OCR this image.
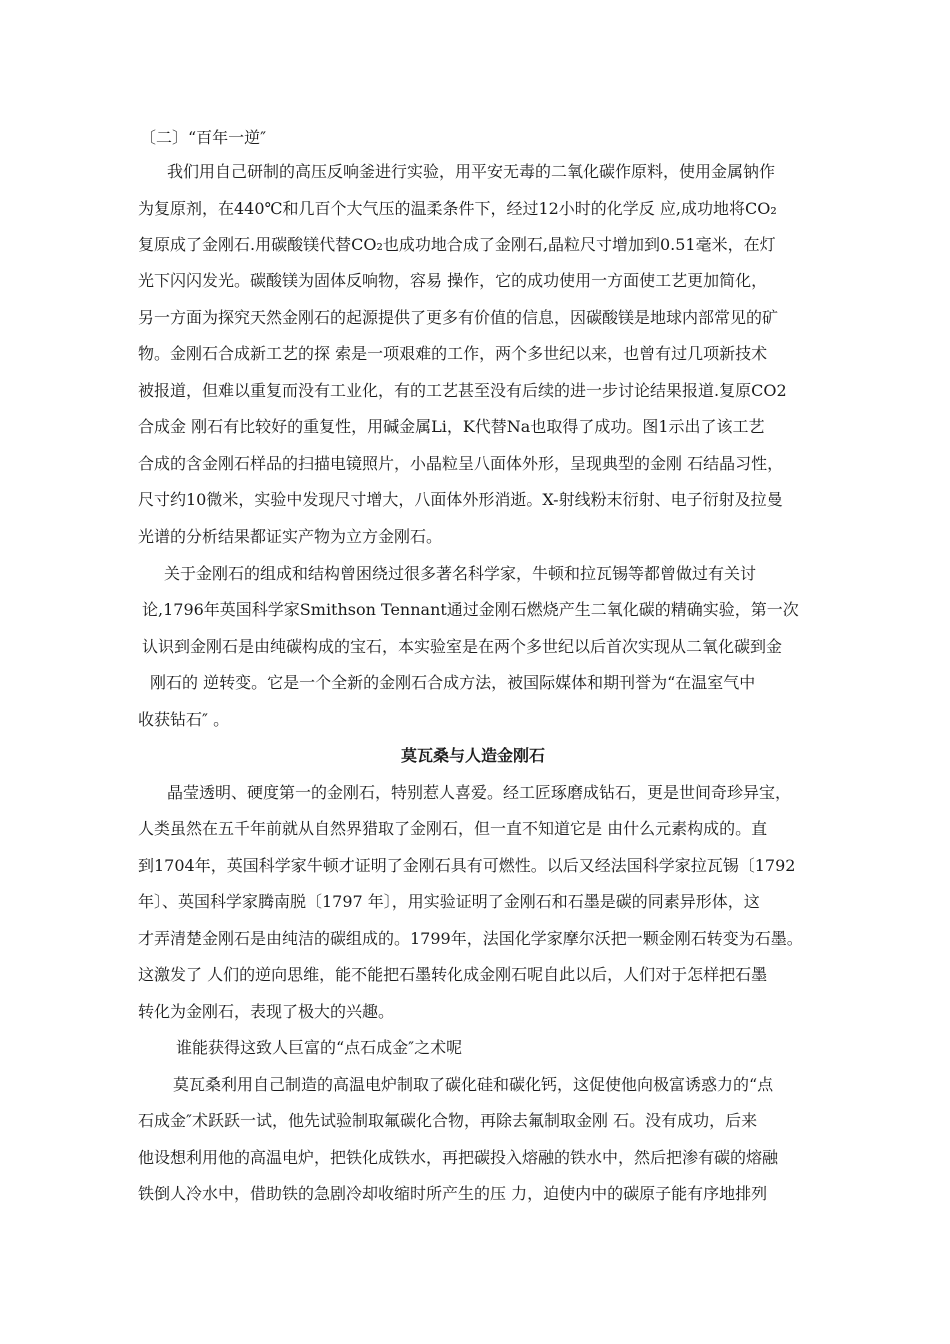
〔二〕“百年一逆″
我们用自己研制的高压反响釜进行实验，用平安无毒的二氧化碳作原料，使用金属钠作
为复原剂，在440℃和几百个大气压的温柔条件下，经过12小时的化学反 应,成功地将CO₂
复原成了金刚石.用碳酸镁代替CO₂也成功地合成了金刚石,晶粒尺寸增加到0.51毫米，在灯
光下闪闪发光。碳酸镁为固体反响物，容易 操作，它的成功使用一方面使工艺更加简化，
另一方面为探究天然金刚石的起源提供了更多有价值的信息，因碳酸镁是地球内部常见的矿
物。金刚石合成新工艺的探 索是一项艰难的工作，两个多世纪以来，也曾有过几项新技术
被报道，但难以重复而没有工业化，有的工艺甚至没有后续的进一步讨论结果报道.复原CO2
合成金 刚石有比较好的重复性，用碱金属Li，K代替Na也取得了成功。图1示出了该工艺
合成的含金刚石样品的扫描电镜照片，小晶粒呈八面体外形，呈现典型的金刚 石结晶习性，
尺寸约10微米，实验中发现尺寸增大，八面体外形消逝。X-射线粉末衍射、电子衍射及拉曼
光谱的分析结果都证实产物为立方金刚石。
关于金刚石的组成和结构曾困绕过很多著名科学家，牛顿和拉瓦锡等都曾做过有关讨
论,1796年英国科学家Smithson Tennant通过金刚石燃烧产生二氧化碳的精确实验，第一次
认识到金刚石是由纯碳构成的宝石，本实验室是在两个多世纪以后首次实现从二氧化碳到金
刚石的 逆转变。它是一个全新的金刚石合成方法，被国际媒体和期刊誉为“在温室气中
收获钻石″ 。
莫瓦桑与人造金刚石
晶莹透明、硬度第一的金刚石，特别惹人喜爱。经工匠琢磨成钻石，更是世间奇珍异宝，
人类虽然在五千年前就从自然界猎取了金刚石，但一直不知道它是 由什么元素构成的。直
到1704年，英国科学家牛顿才证明了金刚石具有可燃性。以后又经法国科学家拉瓦锡〔1792
年〕、英国科学家腾南脱〔1797 年〕，用实验证明了金刚石和石墨是碳的同素异形体，这
才弄清楚金刚石是由纯洁的碳组成的。1799年，法国化学家摩尔沃把一颗金刚石转变为石墨。
这激发了 人们的逆向思维，能不能把石墨转化成金刚石呢自此以后，人们对于怎样把石墨
转化为金刚石，表现了极大的兴趣。
谁能获得这致人巨富的“点石成金″之术呢
莫瓦桑利用自己制造的高温电炉制取了碳化硅和碳化钙，这促使他向极富诱惑力的“点
石成金″术跃跃一试，他先试验制取氟碳化合物，再除去氟制取金刚 石。没有成功，后来
他设想利用他的高温电炉，把铁化成铁水，再把碳投入熔融的铁水中，然后把渗有碳的熔融
铁倒人冷水中，借助铁的急剧冷却收缩时所产生的压 力，迫使内中的碳原子能有序地排列
